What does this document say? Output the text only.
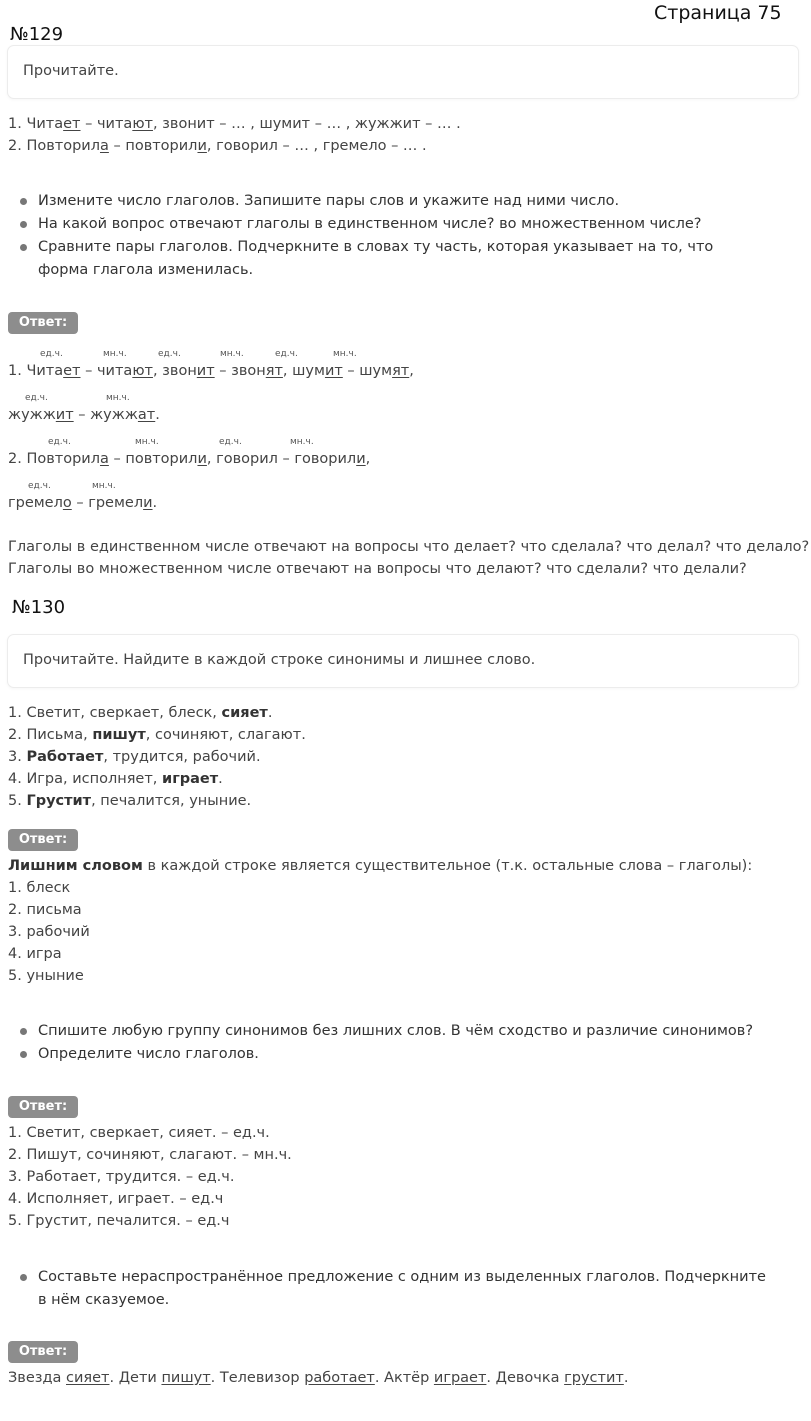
Страница 75
№129
Прочитайте.
1. Читает – читают, звонит – … , шумит – … , жужжит – … .
2. Повторила – повторили, говорил – … , гремело – … .
Измените число глаголов. Запишите пары слов и укажите над ними число.
На какой вопрос отвечают глаголы в единственном числе? во множественном числе?
Сравните пары глаголов. Подчеркните в словах ту часть, которая указывает на то, что форма глагола изменилась.
Ответ:
ед.ч.	мн.ч.	ед.ч.	мн.ч.	ед.ч.	мн.ч.
1. Читает – читают, звонит – звонят, шумит – шумят,
ед.ч.	мн.ч.
жужжит – жужжат.
ед.ч.	мн.ч.	ед.ч.	мн.ч.
2. Повторила – повторили, говорил – говорили,
ед.ч.	мн.ч.
гремело – гремели.
Глаголы в единственном числе отвечают на вопросы что делает? что сделала? что делал? что делало?
Глаголы во множественном числе отвечают на вопросы что делают? что сделали? что делали?
№130
Прочитайте. Найдите в каждой строке синонимы и лишнее слово.
1. Светит, сверкает, блеск, сияет.
2. Письма, пишут, сочиняют, слагают.
3. Работает, трудится, рабочий.
4. Игра, исполняет, играет.
5. Грустит, печалится, уныние.
Ответ:
Лишним словом в каждой строке является существительное (т.к. остальные слова – глаголы):
1. блеск
2. письма
3. рабочий
4. игра
5. уныние
Спишите любую группу синонимов без лишних слов. В чём сходство и различие синонимов?
Определите число глаголов.
Ответ:
1. Светит, сверкает, сияет. – ед.ч.
2. Пишут, сочиняют, слагают. – мн.ч.
3. Работает, трудится. – ед.ч.
4. Исполняет, играет. – ед.ч
5. Грустит, печалится. – ед.ч
Составьте нераспространённое предложение с одним из выделенных глаголов. Подчеркните в нём сказуемое.
Ответ:
Звезда сияет. Дети пишут. Телевизор работает. Актёр играет. Девочка грустит.
